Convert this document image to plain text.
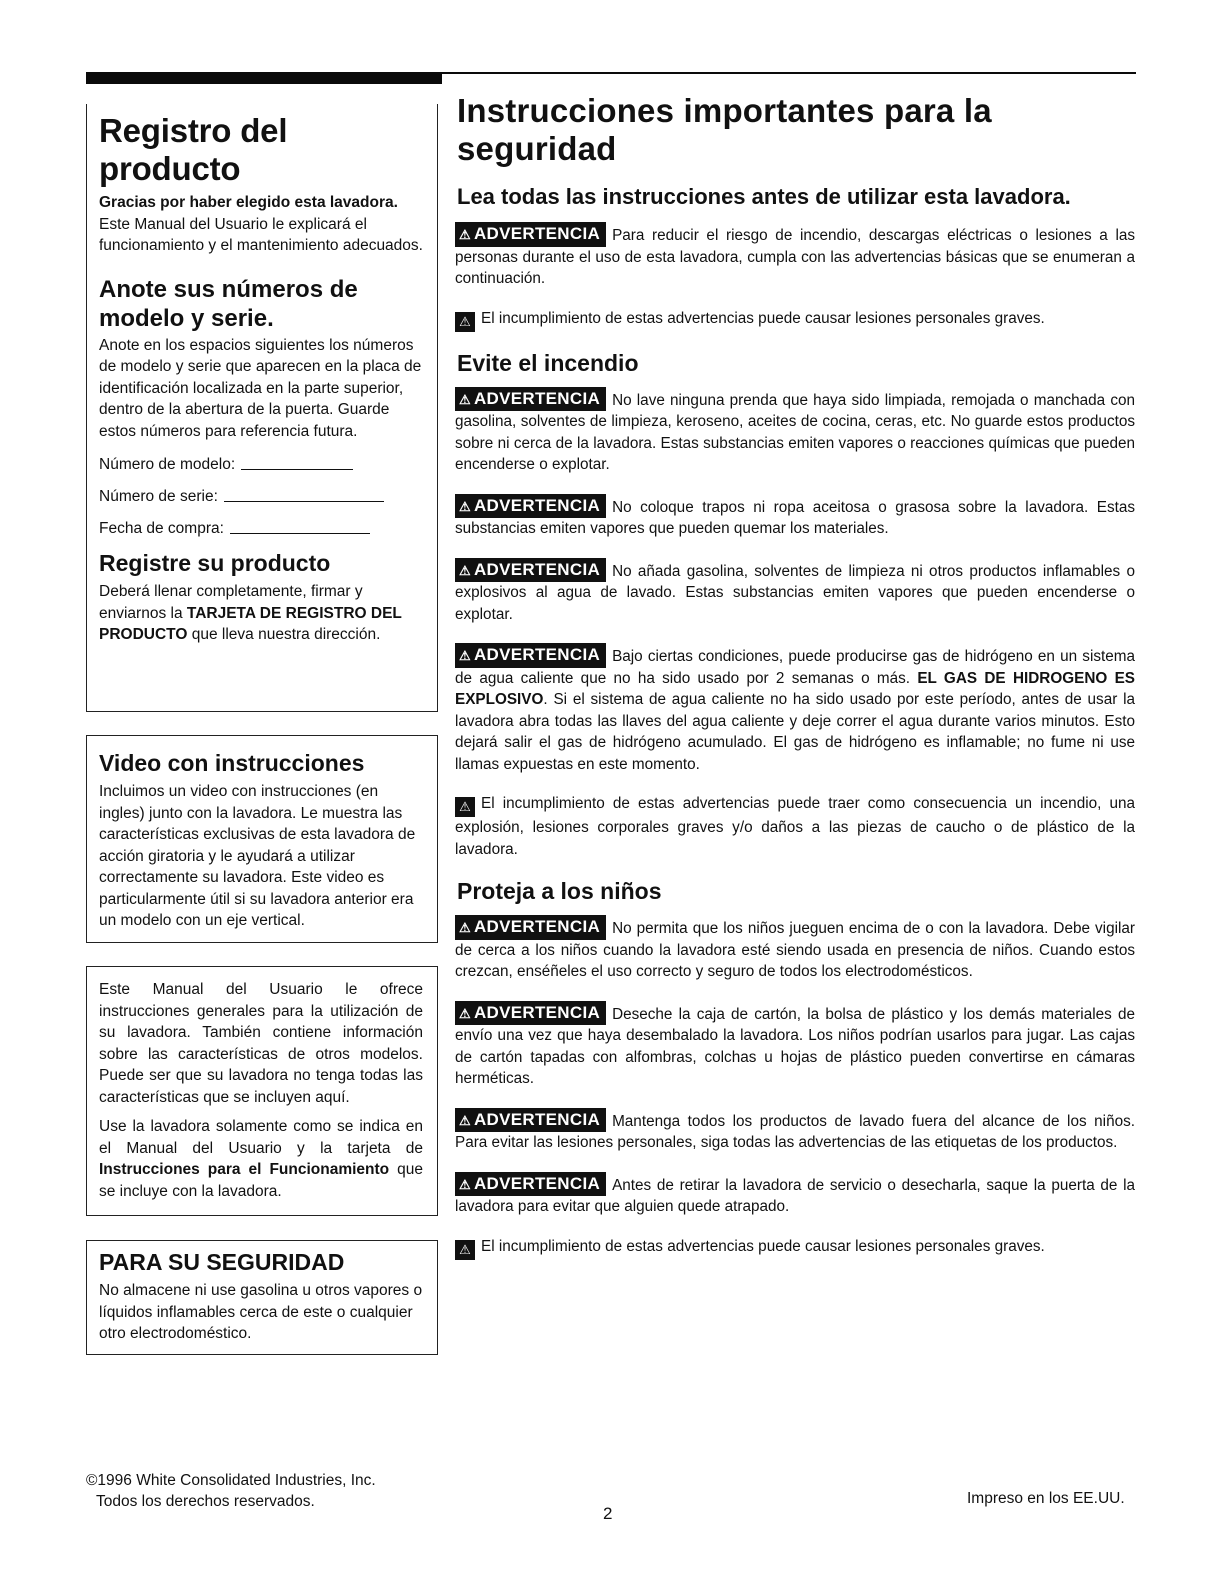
Registro del producto

Gracias por haber elegido esta lavadora. Este Manual del Usuario le explicará el funcionamiento y el mantenimiento adecuados.

Anote sus números de modelo y serie.

Anote en los espacios siguientes los números de modelo y serie que aparecen en la placa de identificación localizada en la parte superior, dentro de la abertura de la puerta. Guarde estos números para referencia futura.

Número de modelo:
Número de serie:
Fecha de compra:
Registre su producto

Deberá llenar completamente, firmar y enviarnos la TARJETA DE REGISTRO DEL PRODUCTO que lleva nuestra dirección.

Video con instrucciones

Incluimos un video con instrucciones (en ingles) junto con la lavadora. Le muestra las características exclusivas de esta lavadora de acción giratoria y le ayudará a utilizar correctamente su lavadora. Este video es particularmente útil si su lavadora anterior era un modelo con un eje vertical.

Este Manual del Usuario le ofrece instrucciones generales para la utilización de su lavadora. También contiene información sobre las características de otros modelos. Puede ser que su lavadora no tenga todas las características que se incluyen aquí.

Use la lavadora solamente como se indica en el Manual del Usuario y la tarjeta de Instrucciones para el Funcionamiento que se incluye con la lavadora.

PARA SU SEGURIDAD

No almacene ni use gasolina u otros vapores o líquidos inflamables cerca de este o cualquier otro electrodoméstico.

Instrucciones importantes para la seguridad
Lea todas las instrucciones antes de utilizar esta lavadora.

⚠ ADVERTENCIA Para reducir el riesgo de incendio, descargas eléctricas o lesiones a las personas durante el uso de esta lavadora, cumpla con las advertencias básicas que se enumeran a continuación.

⚠ El incumplimiento de estas advertencias puede causar lesiones personales graves.

Evite el incendio

⚠ ADVERTENCIA No lave ninguna prenda que haya sido limpiada, remojada o manchada con gasolina, solventes de limpieza, keroseno, aceites de cocina, ceras, etc. No guarde estos productos sobre ni cerca de la lavadora. Estas substancias emiten vapores o reacciones químicas que pueden encenderse o explotar.

⚠ ADVERTENCIA No coloque trapos ni ropa aceitosa o grasosa sobre la lavadora. Estas substancias emiten vapores que pueden quemar los materiales.

⚠ ADVERTENCIA No añada gasolina, solventes de limpieza ni otros productos inflamables o explosivos al agua de lavado. Estas substancias emiten vapores que pueden encenderse o explotar.

⚠ ADVERTENCIA Bajo ciertas condiciones, puede producirse gas de hidrógeno en un sistema de agua caliente que no ha sido usado por 2 semanas o más. EL GAS DE HIDROGENO ES EXPLOSIVO. Si el sistema de agua caliente no ha sido usado por este período, antes de usar la lavadora abra todas las llaves del agua caliente y deje correr el agua durante varios minutos. Esto dejará salir el gas de hidrógeno acumulado. El gas de hidrógeno es inflamable; no fume ni use llamas expuestas en este momento.

⚠ El incumplimiento de estas advertencias puede traer como consecuencia un incendio, una explosión, lesiones corporales graves y/o daños a las piezas de caucho o de plástico de la lavadora.

Proteja a los niños

⚠ ADVERTENCIA No permita que los niños jueguen encima de o con la lavadora. Debe vigilar de cerca a los niños cuando la lavadora esté siendo usada en presencia de niños. Cuando estos crezcan, enséñeles el uso correcto y seguro de todos los electrodomésticos.

⚠ ADVERTENCIA Deseche la caja de cartón, la bolsa de plástico y los demás materiales de envío una vez que haya desembalado la lavadora. Los niños podrían usarlos para jugar. Las cajas de cartón tapadas con alfombras, colchas u hojas de plástico pueden convertirse en cámaras herméticas.

⚠ ADVERTENCIA Mantenga todos los productos de lavado fuera del alcance de los niños. Para evitar las lesiones personales, siga todas las advertencias de las etiquetas de los productos.

⚠ ADVERTENCIA Antes de retirar la lavadora de servicio o desecharla, saque la puerta de la lavadora para evitar que alguien quede atrapado.

⚠ El incumplimiento de estas advertencias puede causar lesiones personales graves.

©1996 White Consolidated Industries, Inc.
Todos los derechos reservados.
2
Impreso en los EE.UU.
